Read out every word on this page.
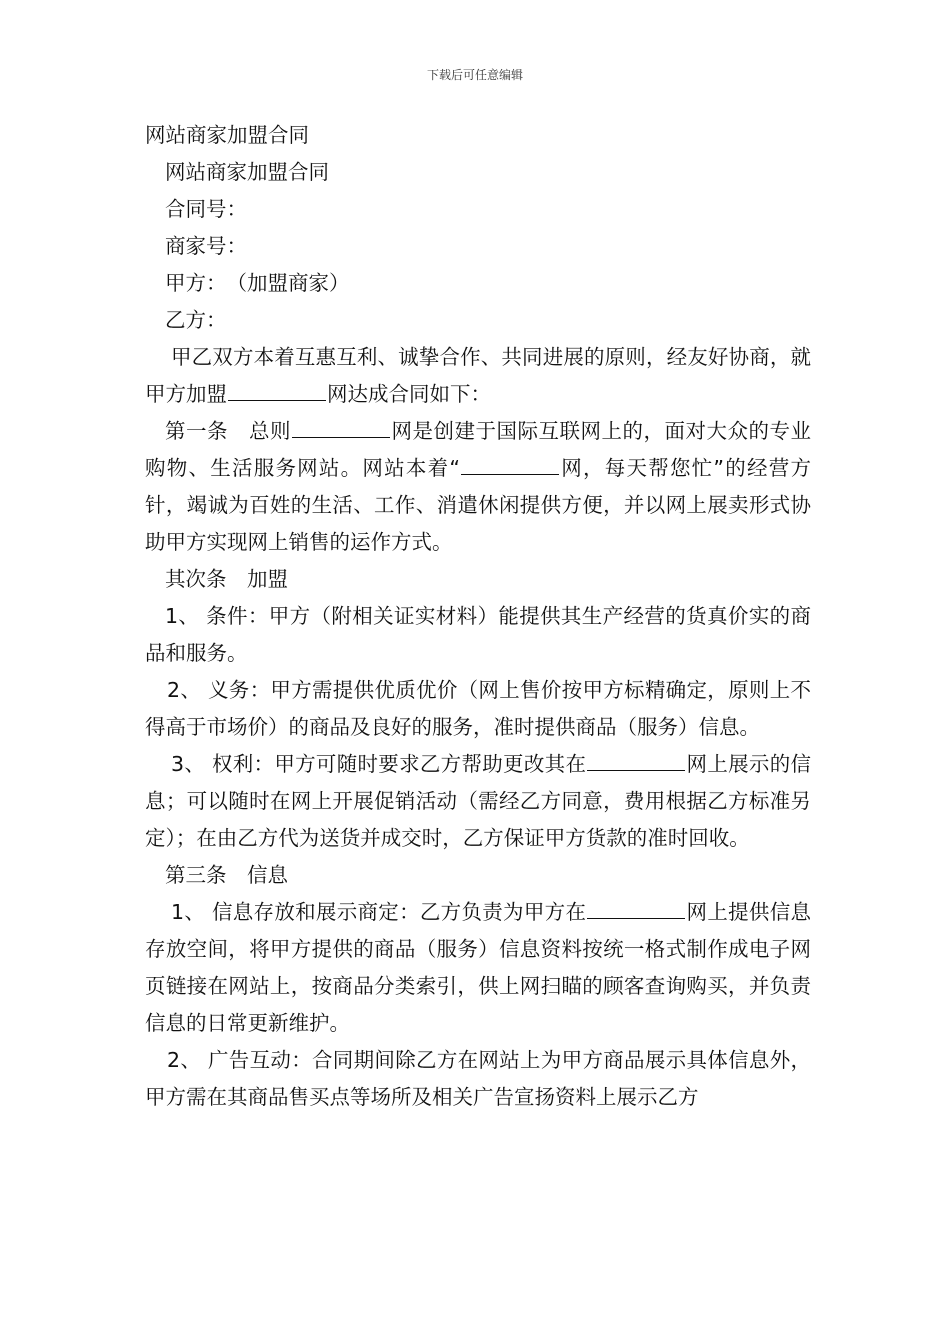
下载后可任意编辑

网站商家加盟合同

网站商家加盟合同

合同号：

商家号：

甲方：　（加盟商家）

乙方：

甲乙双方本着互惠互利、诚挚合作、共同进展的原则，经友好协商，就甲方加盟	网达成合同如下：

第一条　总则	网是创建于国际互联网上的，面对大众的专业购物、生活服务网站。网站本着“	网，每天帮您忙”的经营方针，竭诚为百姓的生活、工作、消遣休闲提供方便，并以网上展卖形式协助甲方实现网上销售的运作方式。

其次条　加盟

1、 条件：甲方（附相关证实材料）能提供其生产经营的货真价实的商品和服务。

2、 义务：甲方需提供优质优价（网上售价按甲方标精确定，原则上不得高于市场价）的商品及良好的服务，准时提供商品（服务）信息。

3、 权利：甲方可随时要求乙方帮助更改其在	网上展示的信息；可以随时在网上开展促销活动（需经乙方同意，费用根据乙方标准另定）；在由乙方代为送货并成交时，乙方保证甲方货款的准时回收。

第三条　信息

1、 信息存放和展示商定：乙方负责为甲方在	网上提供信息存放空间，将甲方提供的商品（服务）信息资料按统一格式制作成电子网页链接在网站上，按商品分类索引，供上网扫瞄的顾客查询购买，并负责信息的日常更新维护。

2、 广告互动：合同期间除乙方在网站上为甲方商品展示具体信息外，甲方需在其商品售买点等场所及相关广告宣扬资料上展示乙方
